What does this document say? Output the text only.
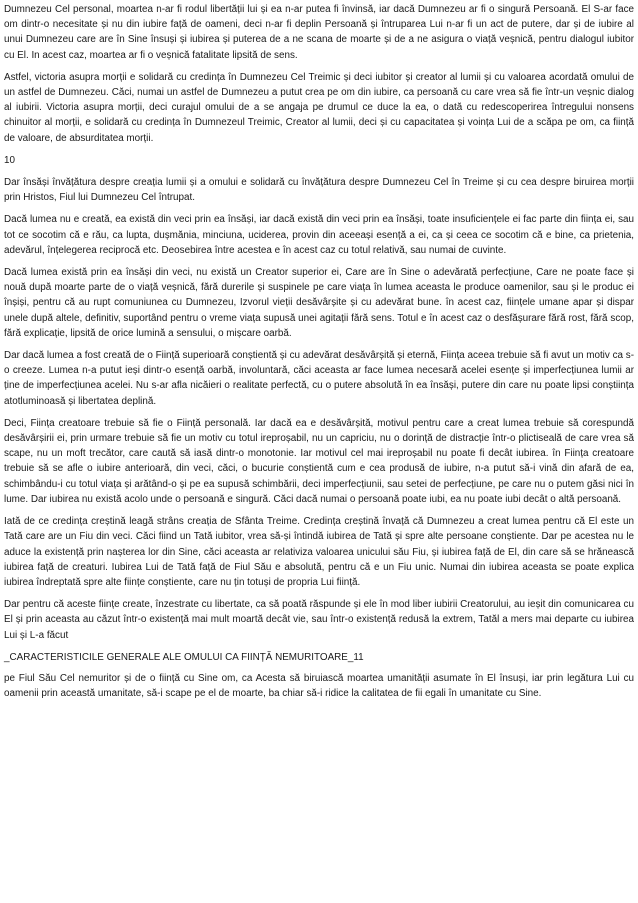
Dumnezeu Cel personal, moartea n-ar fi rodul libertății lui și ea n-ar putea fi învinsă, iar dacă Dumnezeu ar fi o singură Persoană. El S-ar face om dintr-o necesitate și nu din iubire față de oameni, deci n-ar fi deplin Persoană și întruparea Lui n-ar fi un act de putere, dar și de iubire al unui Dumnezeu care are în Sine însuși și iubirea și puterea de a ne scana de moarte și de a ne asigura o viață veșnică, pentru dialogul iubitor cu El. In acest caz, moartea ar fi o veșnică fatalitate lipsită de sens.

Astfel, victoria asupra morții e solidară cu credința în Dumnezeu Cel Treimic și deci iubitor și creator al lumii și cu valoarea acordată omului de un astfel de Dumnezeu. Căci, numai un astfel de Dumnezeu a putut crea pe om din iubire, ca persoană cu care vrea să fie într-un veșnic dialog al iubirii. Victoria asupra morții, deci curajul omului de a se angaja pe drumul ce duce la ea, o dată cu redescoperirea întregului nonsens chinuitor al morții, e solidară cu credința în Dumnezeul Treimic, Creator al lumii, deci și cu capacitatea și voința Lui de a scăpa pe om, ca ființă de valoare, de absurditatea morții.

10

Dar însăși învățătura despre creația lumii și a omului e solidară cu învățătura despre Dumnezeu Cel în Treime și cu cea despre biruirea morții prin Hristos, Fiul lui Dumnezeu Cel întrupat.

Dacă lumea nu e creată, ea există din veci prin ea însăși, iar dacă există din veci prin ea însăși, toate insuficiențele ei fac parte din ființa ei, sau tot ce socotim că e rău, ca lupta, dușmănia, minciuna, uciderea, provin din aceeași esență a ei, ca și ceea ce socotim că e bine, ca prietenia, adevărul, înțelegerea reciprocă etc. Deosebirea între acestea e în acest caz cu totul relativă, sau numai de cuvinte.

Dacă lumea există prin ea însăși din veci, nu există un Creator superior ei, Care are în Sine o adevărată perfecțiune, Care ne poate face și nouă după moarte parte de o viață veșnică, fără durerile și suspinele pe care viața în lumea aceasta le produce oamenilor, sau și le produc ei înșiși, pentru că au rupt comuniunea cu Dumnezeu, Izvorul vieții desăvârșite și cu adevărat bune. în acest caz, ființele umane apar și dispar unele după altele, definitiv, suportând pentru o vreme viața supusă unei agitații fără sens. Totul e în acest caz o desfășurare fără rost, fără scop, fără explicație, lipsită de orice lumină a sensului, o mișcare oarbă.

Dar dacă lumea a fost creată de o Ființă superioară conștientă și cu adevărat desăvârșită și eternă, Ființa aceea trebuie să fi avut un motiv ca s-o creeze. Lumea n-a putut ieși dintr-o esență oarbă, involuntară, căci aceasta ar face lumea necesară acelei esențe și imperfecțiunea lumii ar ține de imperfecțiunea acelei. Nu s-ar afla nicăieri o realitate perfectă, cu o putere absolută în ea însăși, putere din care nu poate lipsi conștiința atotluminoasă și libertatea deplină.

Deci, Ființa creatoare trebuie să fie o Ființă personală. Iar dacă ea e desăvârșită, motivul pentru care a creat lumea trebuie să corespundă desăvârșirii ei, prin urmare trebuie să fie un motiv cu totul ireproșabil, nu un capriciu, nu o dorință de distracție într-o plictiseală de care vrea să scape, nu un moft trecător, care caută să iasă dintr-o monotonie. Iar motivul cel mai ireproșabil nu poate fi decât iubirea. în Ființa creatoare trebuie să se afle o iubire anterioară, din veci, căci, o bucurie conștientă cum e cea produsă de iubire, n-a putut să-i vină din afară de ea, schimbându-i cu totul viața și arătând-o și pe ea supusă schimbării, deci imperfecțiunii, sau setei de perfecțiune, pe care nu o putem găsi nici în lume. Dar iubirea nu există acolo unde o persoană e singură. Căci dacă numai o persoană poate iubi, ea nu poate iubi decât o altă persoană.

Iată de ce credința creștină leagă strâns creația de Sfânta Treime. Credința creștină învață că Dumnezeu a creat lumea pentru că El este un Tată care are un Fiu din veci. Căci fiind un Tată iubitor, vrea să-și întindă iubirea de Tată și spre alte persoane conștiente. Dar pe acestea nu le aduce la existență prin nașterea lor din Sine, căci aceasta ar relativiza valoarea unicului său Fiu, și iubirea față de El, din care să se hrănească iubirea față de creaturi. Iubirea Lui de Tată față de Fiul Său e absolută, pentru că e un Fiu unic. Numai din iubirea aceasta se poate explica iubirea îndreptată spre alte ființe conștiente, care nu țin totuși de propria Lui ființă.

Dar pentru că aceste ființe create, înzestrate cu libertate, ca să poată răspunde și ele în mod liber iubirii Creatorului, au ieșit din comunicarea cu El și prin aceasta au căzut într-o existență mai mult moartă decât vie, sau într-o existență redusă la extrem, Tatăl a mers mai departe cu iubirea Lui și L-a făcut

_CARACTERISTICILE GENERALE ALE OMULUI CA FIINȚĂ NEMURITOARE_11

pe Fiul Său Cel nemuritor și de o ființă cu Sine om, ca Acesta să biruiască moartea umanității asumate în El însuși, iar prin legătura Lui cu oamenii prin această umanitate, să-i scape pe el de moarte, ba chiar să-i ridice la calitatea de fii egali în umanitate cu Sine.
